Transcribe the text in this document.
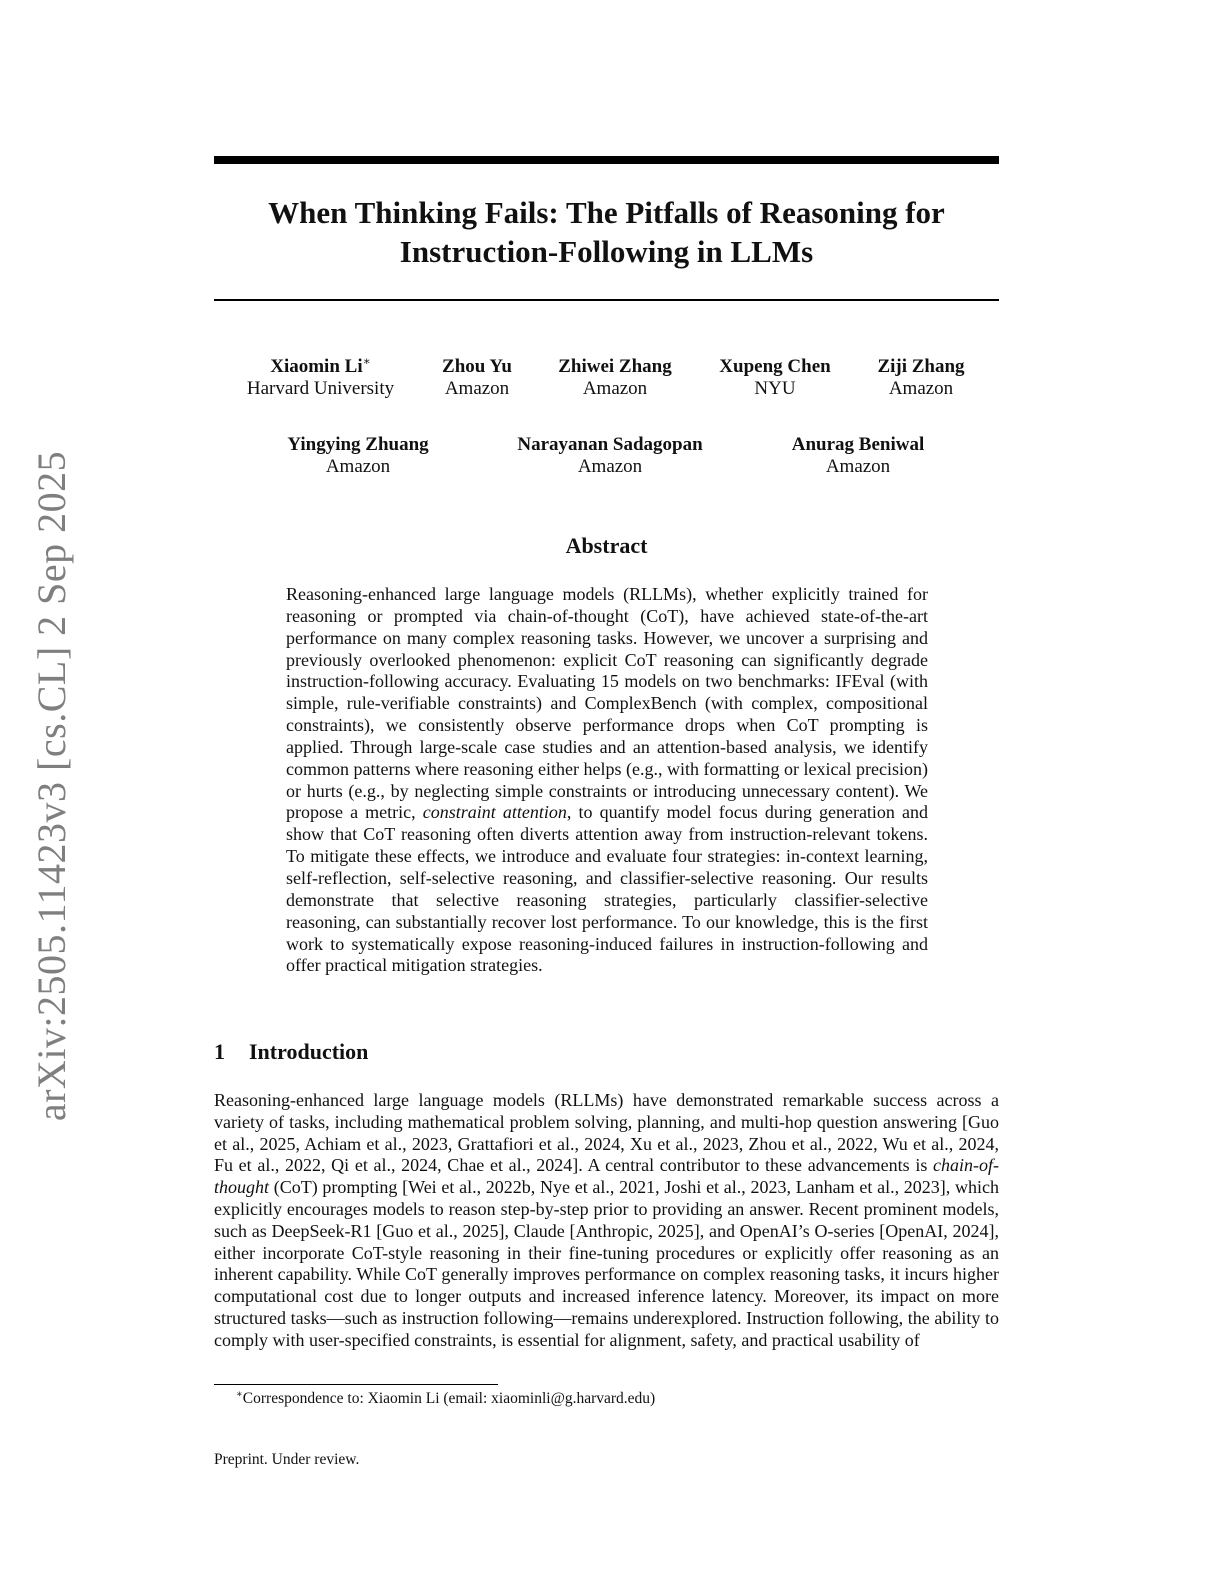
arXiv:2505.11423v3 [cs.CL] 2 Sep 2025
When Thinking Fails: The Pitfalls of Reasoning for
Instruction-Following in LLMs
Xiaomin Li∗
Harvard University
Zhou Yu
Amazon
Zhiwei Zhang
Amazon
Xupeng Chen
NYU
Ziji Zhang
Amazon
Yingying Zhuang
Amazon
Narayanan Sadagopan
Amazon
Anurag Beniwal
Amazon
Abstract

Reasoning-enhanced large language models (RLLMs), whether explicitly trained for reasoning or prompted via chain-of-thought (CoT), have achieved state-of-the-art performance on many complex reasoning tasks. However, we uncover a surprising and previously overlooked phenomenon: explicit CoT reasoning can significantly degrade instruction-following accuracy. Evaluating 15 models on two benchmarks: IFEval (with simple, rule-verifiable constraints) and ComplexBench (with complex, compositional constraints), we consistently observe performance drops when CoT prompting is applied. Through large-scale case studies and an attention-based analysis, we identify common patterns where reasoning either helps (e.g., with formatting or lexical precision) or hurts (e.g., by neglecting simple constraints or introducing unnecessary content). We propose a metric, constraint attention, to quantify model focus during generation and show that CoT reasoning often diverts attention away from instruction-relevant tokens. To mitigate these effects, we introduce and evaluate four strategies: in-context learning, self-reflection, self-selective reasoning, and classifier-selective reasoning. Our results demonstrate that selective reasoning strategies, particularly classifier-selective reasoning, can substantially recover lost performance. To our knowledge, this is the first work to systematically expose reasoning-induced failures in instruction-following and offer practical mitigation strategies.

1 Introduction

Reasoning-enhanced large language models (RLLMs) have demonstrated remarkable success across a variety of tasks, including mathematical problem solving, planning, and multi-hop question answering [Guo et al., 2025, Achiam et al., 2023, Grattafiori et al., 2024, Xu et al., 2023, Zhou et al., 2022, Wu et al., 2024, Fu et al., 2022, Qi et al., 2024, Chae et al., 2024]. A central contributor to these advancements is chain-of-thought (CoT) prompting [Wei et al., 2022b, Nye et al., 2021, Joshi et al., 2023, Lanham et al., 2023], which explicitly encourages models to reason step-by-step prior to providing an answer. Recent prominent models, such as DeepSeek-R1 [Guo et al., 2025], Claude [Anthropic, 2025], and OpenAI’s O-series [OpenAI, 2024], either incorporate CoT-style reasoning in their fine-tuning procedures or explicitly offer reasoning as an inherent capability. While CoT generally improves performance on complex reasoning tasks, it incurs higher computational cost due to longer outputs and increased inference latency. Moreover, its impact on more structured tasks—such as instruction following—remains underexplored. Instruction following, the ability to comply with user-specified constraints, is essential for alignment, safety, and practical usability of

∗Correspondence to: Xiaomin Li (email: xiaominli@g.harvard.edu)

Preprint. Under review.
